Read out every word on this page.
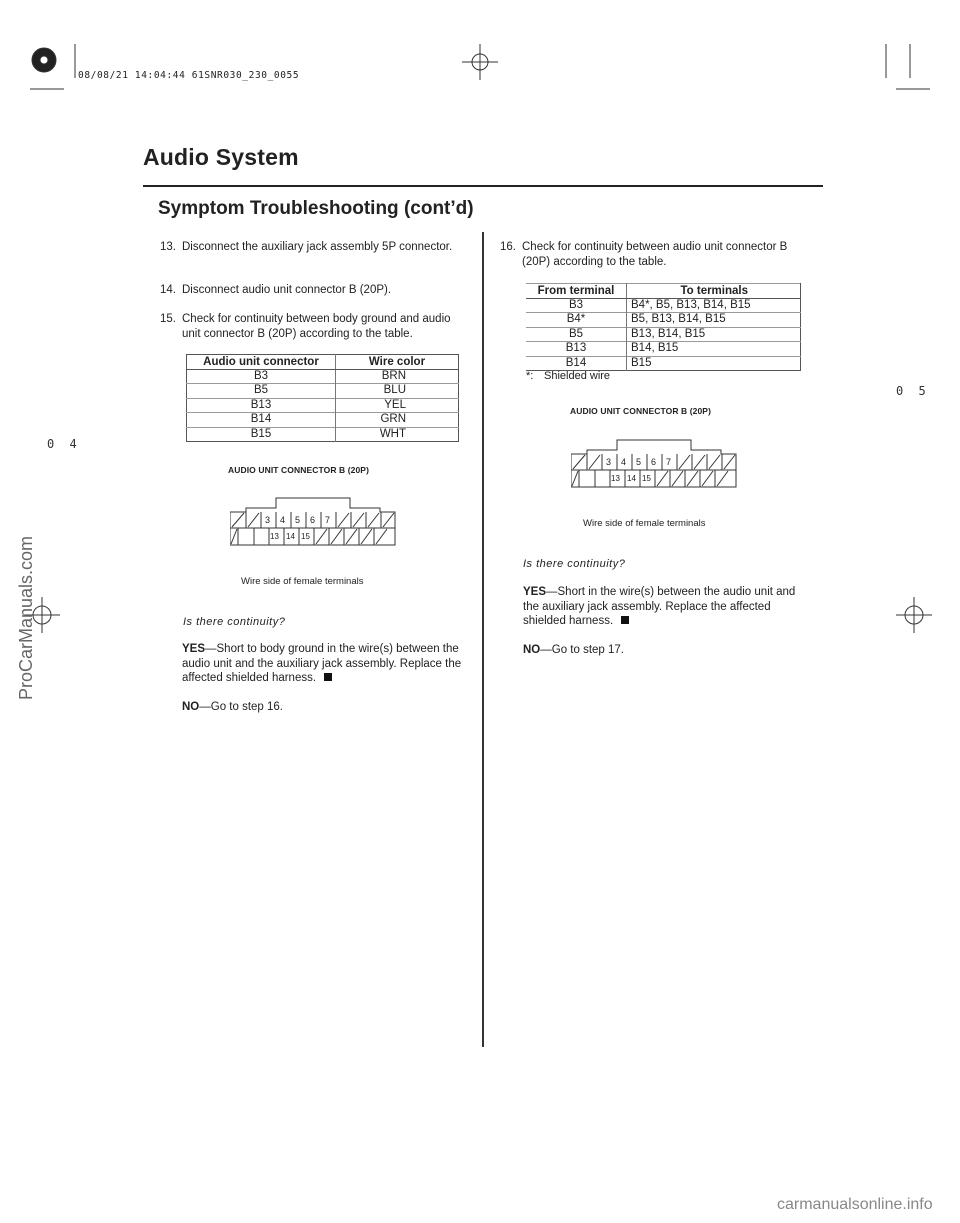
08/08/21 14:04:44 61SNR030_230_0055
Audio System
Symptom Troubleshooting (cont’d)
13. Disconnect the auxiliary jack assembly 5P connector.
14. Disconnect audio unit connector B (20P).
15. Check for continuity between body ground and audio unit connector B (20P) according to the table.
Audio unit connector	Wire color
B3	BRN
B5	BLU
B13	YEL
B14	GRN
B15	WHT
AUDIO UNIT CONNECTOR B (20P)
3 4 5 6 7
13 14 15
Wire side of female terminals
Is there continuity?
YES—Short to body ground in the wire(s) between the audio unit and the auxiliary jack assembly. Replace the affected shielded harness.
NO—Go to step 16.
16. Check for continuity between audio unit connector B (20P) according to the table.
From terminal	To terminals
B3	B4*, B5, B13, B14, B15
B4*	B5, B13, B14, B15
B5	B13, B14, B15
B13	B14, B15
B14	B15
*: Shielded wire
AUDIO UNIT CONNECTOR B (20P)
3 4 5 6 7
13 14 15
Wire side of female terminals
Is there continuity?
YES—Short in the wire(s) between the audio unit and the auxiliary jack assembly. Replace the affected shielded harness.
NO—Go to step 17.
0 4
0 5
ProCarManuals.com
carmanualsonline.info
